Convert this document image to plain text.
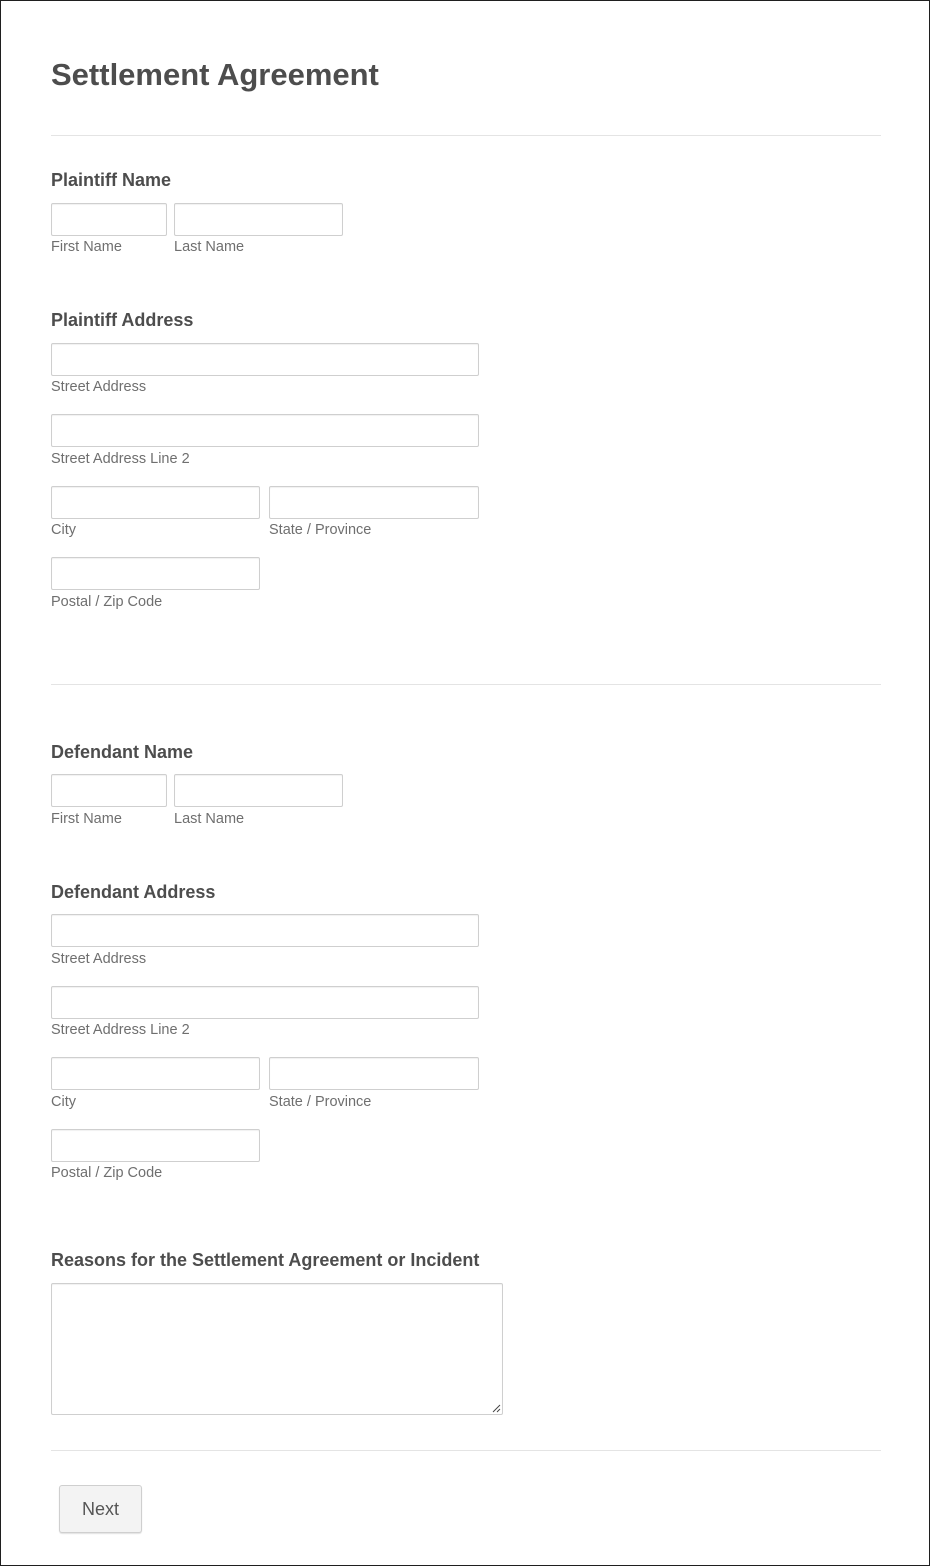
Settlement Agreement
Plaintiff Name
First Name	Last Name
Plaintiff Address
Street Address
Street Address Line 2
City	State / Province
Postal / Zip Code
Defendant Name
First Name	Last Name
Defendant Address
Street Address
Street Address Line 2
City	State / Province
Postal / Zip Code
Reasons for the Settlement Agreement or Incident
Next
